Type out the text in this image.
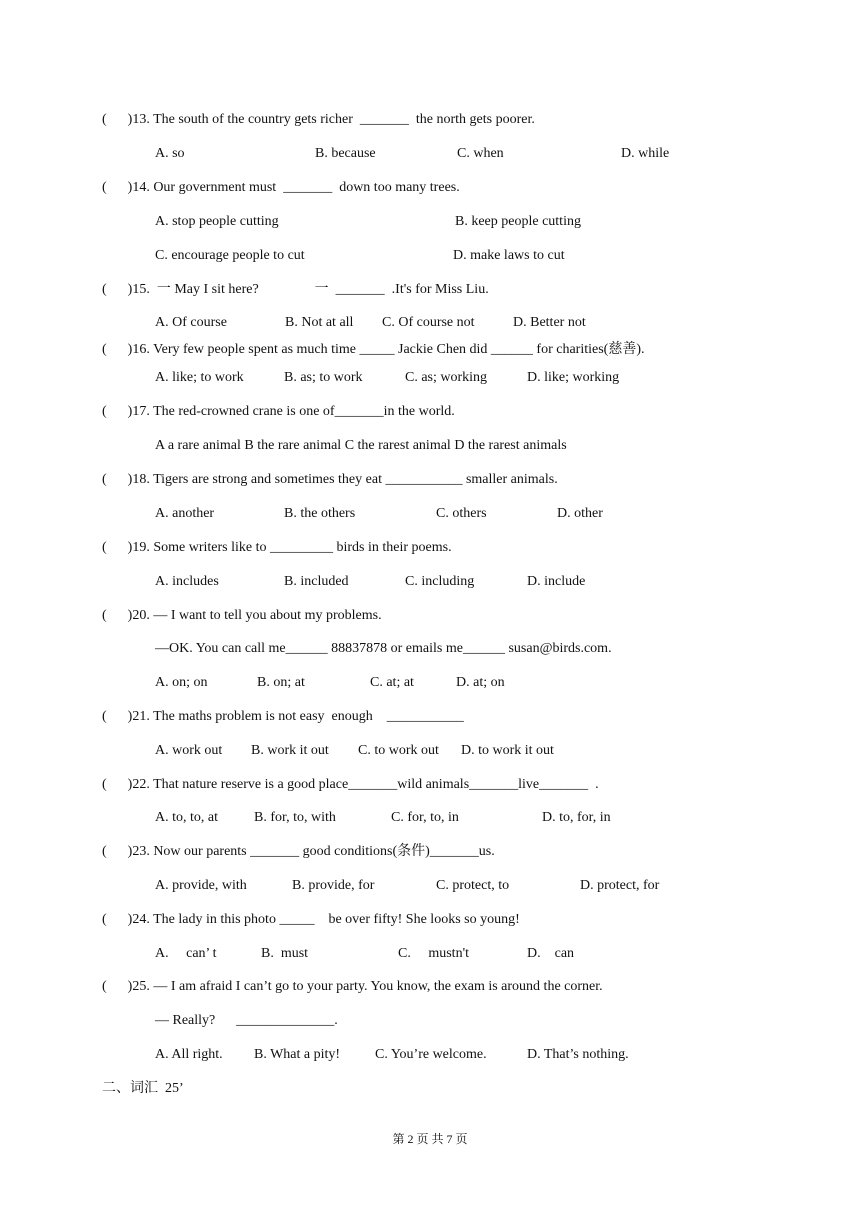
(      )13. The south of the country gets richer  _______  the north gets poorer.
A. so	B. because	C. when	D. while
(      )14. Our government must  _______  down too many trees.
A. stop people cutting	B. keep people cutting
C. encourage people to cut	D. make laws to cut
(      )15.  一 May I sit here?                一  _______  .It's for Miss Liu.
A. Of course	B. Not at all C. Of course not	D. Better not
(      )16. Very few people spent as much time _____ Jackie Chen did ______ for charities(慈善).
A. like; to work	B. as; to work	C. as; working	D. like; working
(      )17. The red-crowned crane is one of_______in the world.
A a rare animal B the rare animal C the rarest animal D the rarest animals
(      )18. Tigers are strong and sometimes they eat ___________ smaller animals.
A. another	B. the others	C. others	D. other
(      )19. Some writers like to _________ birds in their poems.
A. includes	B. included	C. including	D. include
(      )20. — I want to tell you about my problems.
—OK. You can call me______ 88837878 or emails me______ susan@birds.com.
A. on; on	B. on; at	C. at; at	D. at; on
(      )21. The maths problem is not easy  enough    ___________
A. work out B. work it out C. to work out D. to work it out
(      )22. That nature reserve is a good place_______wild animals_______live_______  .
A. to, to, at	B. for, to, with	C. for, to, in	D. to, for, in
(      )23. Now our parents _______ good conditions(条件)_______us.
A. provide, with	B. provide, for	C. protect, to	D. protect, for
(      )24. The lady in this photo _____    be over fifty! She looks so young!
A.     can’ t	B.  must	C.     mustn't	D.    can
(      )25. — I am afraid I can’t go to your party. You know, the exam is around the corner.
— Really?      ______________.
A. All right. B. What a pity! C. You’re welcome.	D. That’s nothing.
二、词汇  25’
第 2 页 共 7 页
